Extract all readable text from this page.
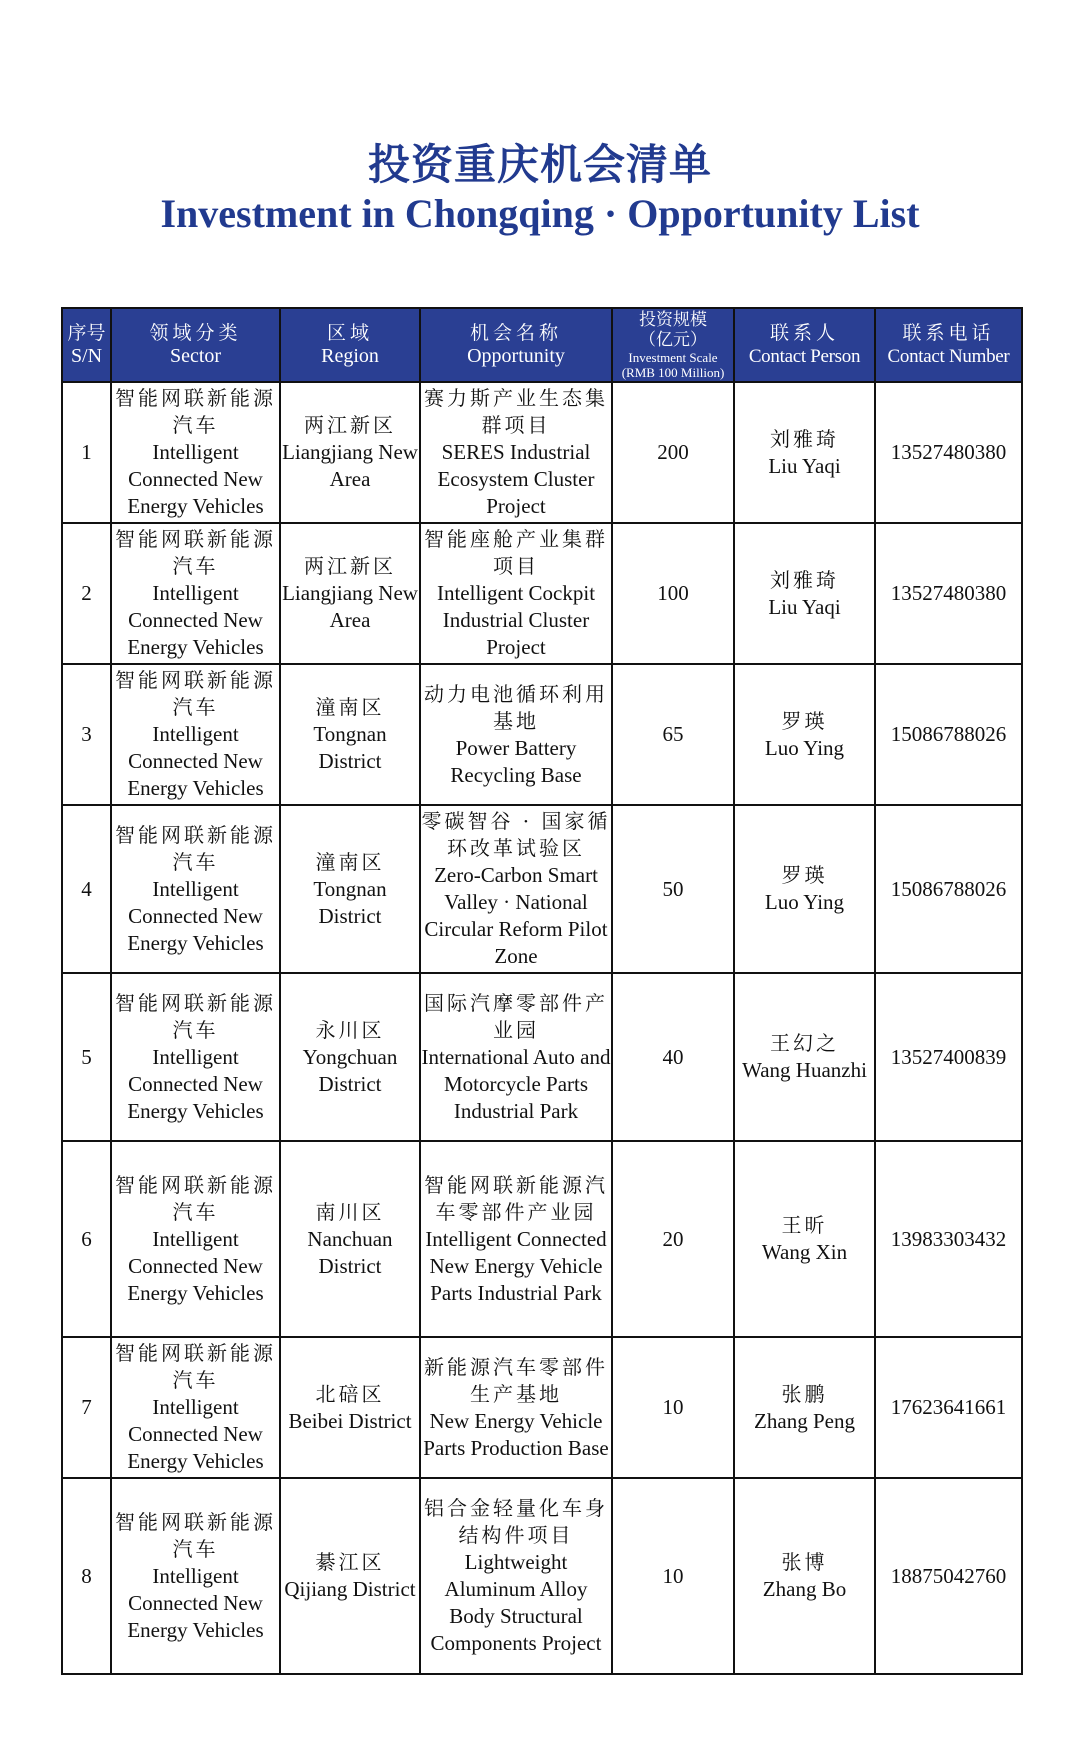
投资重庆机会清单
Investment in Chongqing · Opportunity List
序号
S/N	领域分类
Sector	区域
Region	机会名称
Opportunity	投资规模
（亿元）
Investment Scale
(RMB 100 Million)	联系人
Contact Person	联系电话
Contact Number

1	智能网联新能源汽车
Intelligent Connected New Energy Vehicles	两江新区
Liangjiang New Area	赛力斯产业生态集群项目
SERES Industrial Ecosystem Cluster Project	200	刘雅琦
Liu Yaqi	13527480380
2	智能网联新能源汽车
Intelligent Connected New Energy Vehicles	两江新区
Liangjiang New Area	智能座舱产业集群项目
Intelligent Cockpit Industrial Cluster Project	100	刘雅琦
Liu Yaqi	13527480380
3	智能网联新能源汽车
Intelligent Connected New Energy Vehicles	潼南区
Tongnan District	动力电池循环利用基地
Power Battery Recycling Base	65	罗瑛
Luo Ying	15086788026
4	智能网联新能源汽车
Intelligent Connected New Energy Vehicles	潼南区
Tongnan District	零碳智谷 · 国家循环改革试验区
Zero-Carbon Smart Valley · National Circular Reform Pilot Zone	50	罗瑛
Luo Ying	15086788026
5	智能网联新能源汽车
Intelligent Connected New Energy Vehicles	永川区
Yongchuan District	国际汽摩零部件产业园
International Auto and Motorcycle Parts Industrial Park	40	王幻之
Wang Huanzhi	13527400839
6	智能网联新能源汽车
Intelligent Connected New Energy Vehicles	南川区
Nanchuan District	智能网联新能源汽车零部件产业园
Intelligent Connected New Energy Vehicle Parts Industrial Park	20	王昕
Wang Xin	13983303432
7	智能网联新能源汽车
Intelligent Connected New Energy Vehicles	北碚区
Beibei District	新能源汽车零部件生产基地
New Energy Vehicle Parts Production Base	10	张鹏
Zhang Peng	17623641661
8	智能网联新能源汽车
Intelligent Connected New Energy Vehicles	綦江区
Qijiang District	铝合金轻量化车身结构件项目
Lightweight Aluminum Alloy Body Structural Components Project	10	张博
Zhang Bo	18875042760
